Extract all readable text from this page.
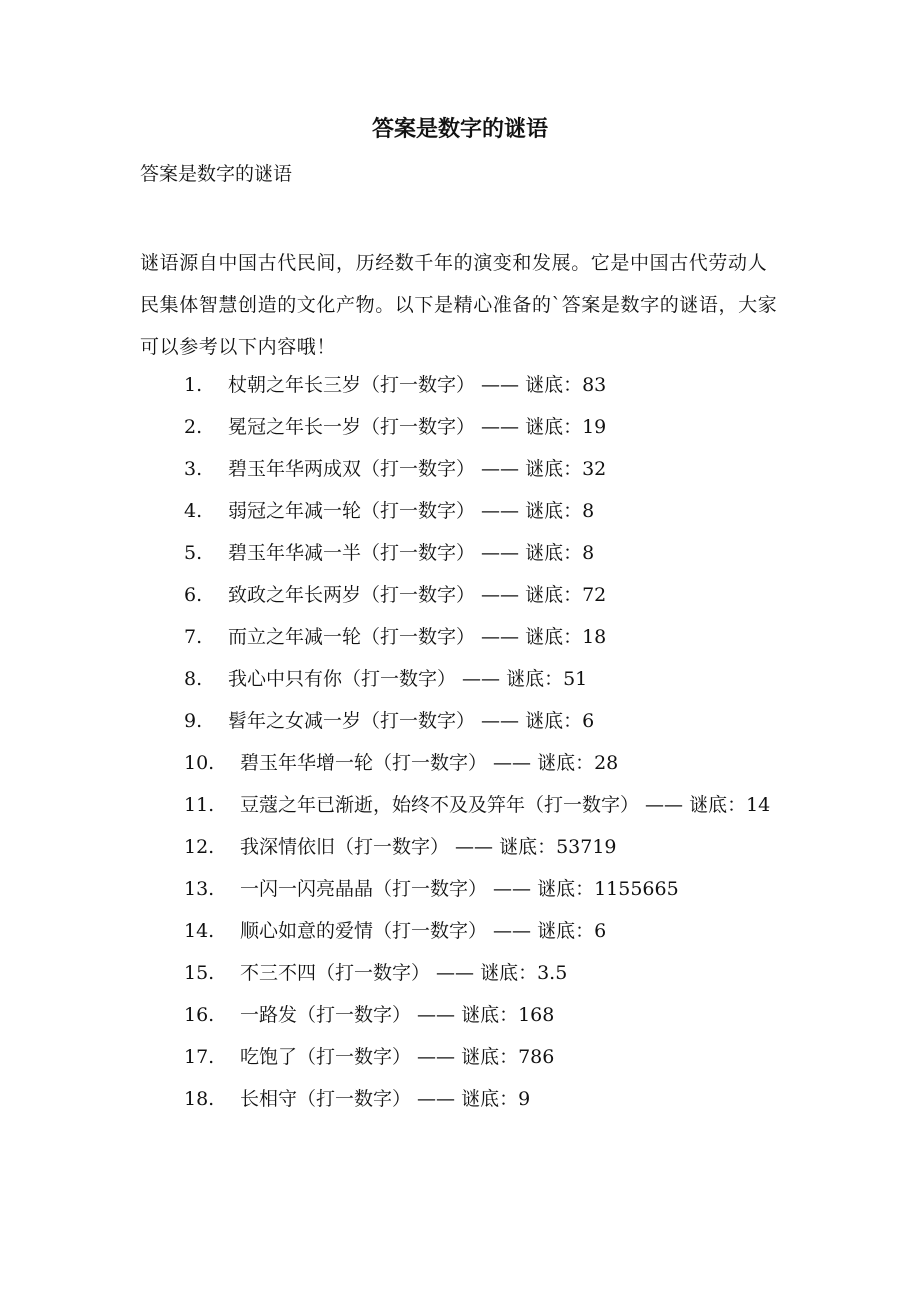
答案是数字的谜语
答案是数字的谜语
谜语源自中国古代民间，历经数千年的演变和发展。它是中国古代劳动人民集体智慧创造的文化产物。以下是精心准备的`答案是数字的谜语，大家可以参考以下内容哦！
1. 杖朝之年长三岁（打一数字） —— 谜底：83
2. 冕冠之年长一岁（打一数字） —— 谜底：19
3. 碧玉年华两成双（打一数字） —— 谜底：32
4. 弱冠之年减一轮（打一数字） —— 谜底：8
5. 碧玉年华减一半（打一数字） —— 谜底：8
6. 致政之年长两岁（打一数字） —— 谜底：72
7. 而立之年减一轮（打一数字） —— 谜底：18
8. 我心中只有你（打一数字） —— 谜底：51
9. 髫年之女减一岁（打一数字） —— 谜底：6
10. 碧玉年华增一轮（打一数字） —— 谜底：28
11. 豆蔻之年已渐逝，始终不及及笄年（打一数字） —— 谜底：14
12. 我深情依旧（打一数字） —— 谜底：53719
13. 一闪一闪亮晶晶（打一数字） —— 谜底：1155665
14. 顺心如意的爱情（打一数字） —— 谜底：6
15. 不三不四（打一数字） —— 谜底：3.5
16. 一路发（打一数字） —— 谜底：168
17. 吃饱了（打一数字） —— 谜底：786
18. 长相守（打一数字） —— 谜底：9
